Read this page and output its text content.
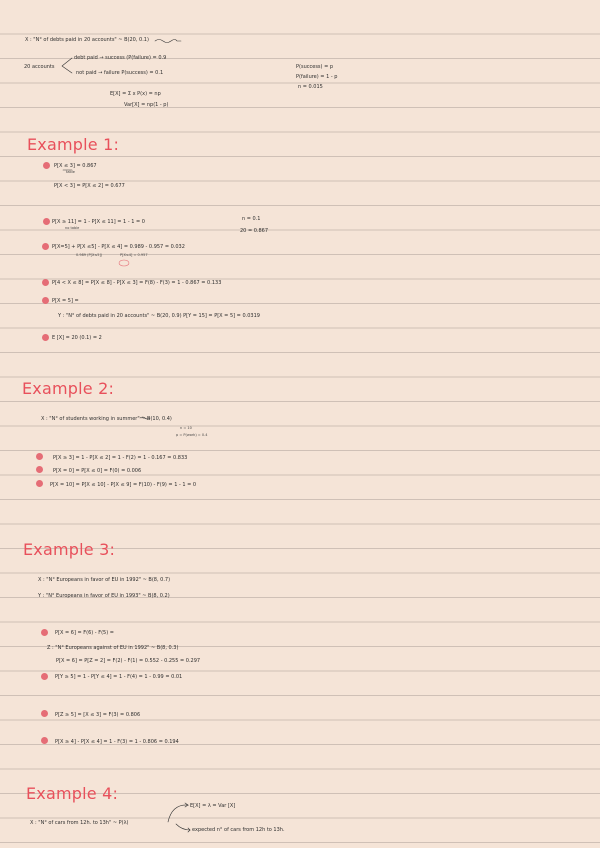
X : "N° of debts paid in 20 accounts" ~ B(20, 0.1)
20 accounts
debt paid → success (P(failure) = 0.9
not paid → failure P(success) = 0.1
P(success) = p
P(failure) = 1 - p
n = 0.015
E[X] = Σ x P(x) = np
Var[X] = np(1 - p)
Example 1:
P[X ≤ 3] = 0.867
table
P[X < 3] = P[X ≤ 2] = 0.677
P[X ≥ 11] = 1 - P[X ≤ 11] = 1 - 1 = 0
no table
n = 0.1
20 = 0.867
P[X=5] + P[X ≤5] - P[X ≤ 4] = 0.989 - 0.957 = 0.032
0.989 (P[X≤5])	P[X≤4] = 0.957
P[4 < X ≤ 8] = P[X ≤ 8] - P[X ≤ 3] = F(8) - F(3) = 1 - 0.867 = 0.133
P[X = 5] =
Y : "N° of debts paid in 20 accounts" ~ B(20, 0.9) P[Y = 15] = P[X = 5] = 0.0319
E [X] = 20 (0.1) = 2
Example 2:
X : "N° of students working in summer" ~ B(10, 0.4)
n = 10
p = P(work) = 0.4
P[X ≥ 3] = 1 - P[X ≤ 2] = 1 - F(2) = 1 - 0.167 = 0.833
P[X = 0] = P[X ≤ 0] = F(0) = 0.006
P[X = 10] = P[X ≤ 10] - P[X ≤ 9] = F(10) - F(9) = 1 - 1 = 0
Example 3:
X : "N° Europeans in favor of EU in 1992" ~ B(8, 0.7)
Y : "N° Europeans in favor of EU in 1993" ~ B(8, 0.2)
P[X = 6] = F(6) - F(5) =
Z : "N° Europeans against of EU in 1992" ~ B(8, 0.3)
P[X = 6] = P[Z = 2] = F(2) - F(1) = 0.552 - 0.255 = 0.297
P[Y ≥ 5] = 1 - P[Y ≤ 4] = 1 - F(4) = 1 - 0.99 = 0.01
P[Z ≥ 5] = [X ≤ 3] = F(3) = 0.806
P[X ≥ 4] - P[X ≤ 4] = 1 - F(3) = 1 - 0.806 = 0.194
Example 4:
X : "N° of cars from 12h. to 13h" ~ P(λ)
E[X] = λ = Var [X]
expected n° of cars from 12h to 13h.
